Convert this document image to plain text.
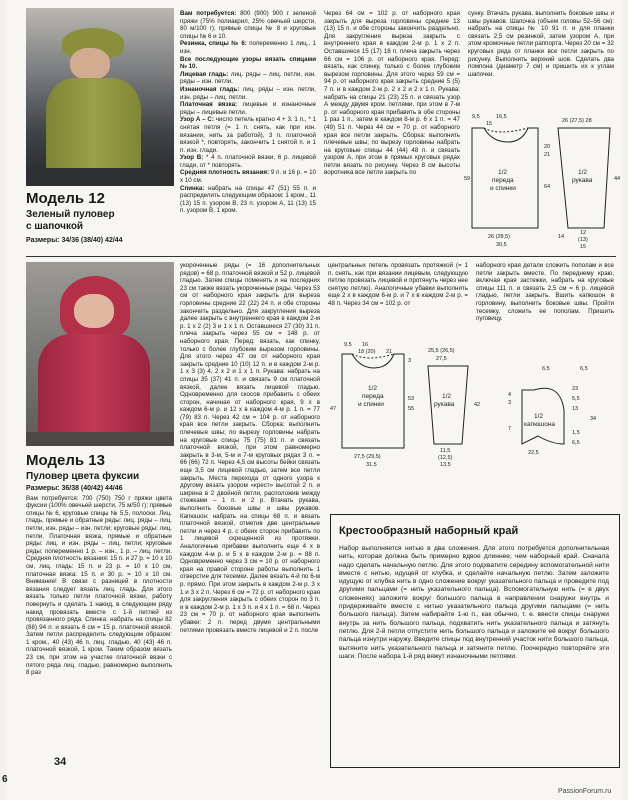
Модель 12
Зеленый пуловер
с шапочкой
Размеры: 34/36 (38/40) 42/44

Вам потребуется: 800 (900) 900 г зеленой пряжи (75% полиакрил, 25% овечьей шерсти, 80 м/100 г); прямые спицы № 8 и круговые спицы № 6 и 10.

Резинка, спицы № 6: попеременно 1 лиц., 1 изн.

Все последующие узоры вязать спицами № 10.

Лицевая гладь: лиц. ряды – лиц. петли, изн. ряды – изн. петли.

Изнаночная гладь: лиц. ряды – изн. петли, изн. ряды – лиц. петли.

Платочная вязка: лицевые и изнаночные ряды – лицевые петли.

Узор А – С: число петель кратно 4 + 3. 1 п., * 1 снятая петля (= 1 п. снять, как при изн. вязании, нить за работой), 3 п. платочной вязкой *, повторять, закончить 1 снятой п. и 1 п. изн. глади.

Узор В: * 4 п. платочной вязки, 6 р. лицевой глади, от * повторять.

Средняя плотность вязания: 9 п. и 16 р. = 10 х 10 см.

Спинка: набрать на спицы 47 (51) 55 п. и распределить следующим образом: 1 кром., 11 (13) 15 п. узором В, 23 п. узором А, 11 (13) 15 п. узором В, 1 кром.

Через 64 см = 102 р. от наборного края закрыть для выреза горловины средние 13 (13) 15 п. и обе стороны закончить раздельно. Для закругления выреза закрыть с внутреннего края в каждом 2-м р. 1 х 2 п. Оставшиеся 15 (17) 18 п. плеча закрыть через 66 см = 106 р. от наборного края. Перед: вязать, как спинку, только с более глубоким вырезом горловины. Для этого через 59 см = 94 р. от наборного края закрыть средние 5 (5) 7 п. и в каждом 2-м р. 2 х 2 и 2 х 1 п. Рукава: набрать на спицы 21 (23) 25 п. и связать узор А между двумя кром. петлями, при этом в 7-м р. от наборного края прибавить в обе стороны 1 раз 1 п., затем в каждом 8-м р. 6 х 1 п. = 47 (49) 51 п. Через 44 см = 70 р. от наборного края все петли закрыть. Сборка: выполнить плечевые швы; по вырезу горловины набрать на круговые спицы 44 (44) 48 п. и связать узором А, при этом в прямых круговых рядах петли вязать по рисунку. Через 8 см высоты воротника все петли закрыть по
сунку. Втачать рукава, выполнить боковые швы и швы рукавов. Шапочка (объем головы 52–56 см): набрать на спицы № 10 91 п. и для планки связать 2,5 см резинкой, затем узором А, при этом кромочные петли раппорта. Через 20 см = 32 круговых ряда от планки все петли закрыть по рисунку. Выполнить верхний шов. Сделать два помпона (диаметр 7 см) и пришить их к углам шапочки.
9,5	16,5
15
20
21
59
64
1/2
переда
и спинки
26 (28,5)
30,5
26 (27,5) 28
1/2
рукава	44
14
12
(13)
15
Модель 13
Пуловер цвета фуксии

Размеры: 36/38 (40/42) 44/46

Вам потребуется: 700 (750) 750 г пряжи цвета фуксии (100% овечьей шерсти, 75 м/50 г); прямые спицы № 6, круговые спицы № 5,5, полоски. Лиц. гладь, прямые и обратные ряды: лиц. ряды – лиц. петли, изн. ряды – изн. петли; круговые ряды: лиц. петли. Платочная вязка, прямые и обратные ряды: лиц. и изн. ряды – лиц. петли; круговые ряды: попеременно 1 р. – изн., 1 р. – лиц. петли. Средняя плотность вязания: 15 п. и 27 р. = 10 х 10 см, лиц. гладь: 15 п. и 23 р. = 10 х 10 см, платочная вязка: 15 п. и 30 р. = 10 х 10 см. Внимание! В связи с разницей в плотности вязания следует вязать лиц. гладь. Для этого вязать только петли платочной вязки, работу повернуть и сделать 1 накид, в следующем ряду накид провязать вместе с 1-й петлей из провязанного ряда. Спинка: набрать на спицы 82 (88) 94 п. и вязать 6 см = 15 р. платочной вязкой. Затем петли распределить следующим образом: 1 кром., 40 (43) 46 п. лиц. гладью, 40 (43) 46 п. платочной вязкой, 1 кром. Таким образом вязать 23 см, при этом на участке платочной вязки с пятого ряда лиц. гладью, равномерно выполнить 8 раз

укороченные ряды (= 16 дополнительных рядов) = 68 р. платочной вязкой и 52 р. лицевой гладью. Затем спицы поменять и на последних 23 см также вязать укороченные ряды. Через 53 см от наборного края закрыть для выреза горловины средние 22 (22) 24 п. и обе стороны закончить раздельно. Для закругления выреза далее закрыть с внутреннего края в каждом 2-м р. 1 х 2 (2) 3 и 1 х 1 п. Оставшиеся 27 (30) 31 п. плеча закрыть через 55 см = 148 р. от наборного края. Перед: вязать, как спинку, только с более глубоким вырезом горловины. Для этого через 47 см от наборного края закрыть средние 10 (10) 12 п. и в каждом 2-м р. 1 х 3 (3) 4, 2 х 2 и 1 х 1 п. Рукава: набрать на спицы 35 (37) 41 п. и связать 9 см платочной вязкой, далее вязать лицевой гладью. Одновременно для скосов прибавить с обеих сторон, начиная от наборного края, 9 х в каждом 6-м р. и 12 х в каждом 4-м р. 1 п. = 77 (79) 83 п. Через 42 см = 104 р. от наборного края все петли закрыть. Сборка: выполнить плечевые швы; по вырезу горловины набрать на круговые спицы 75 (75) 81 п. и связать платочной вязкой, при этом равномерно закрыть в 3-м, 5-м и 7-м круговых рядах 3 п. = 66 (66) 72 п. Через 4,5 см высоты бейки связать еще 3,5 см лицевой гладью, затем все петли закрыть. Места перехода от одного узора к другому вязать узором «крест» высотой 2 п. и ширина в 2 двойной петли, расположив между стежками – 1 п. и 2 р. Втачать рукава, выполнить боковые швы и швы рукавов. Капюшон: набрать на спицы 68 п. и вязать платочной вязкой, отметив две центральные петли и через 4 р. с обеих сторон прибавить по 1 лицевой скрещенной из протяжки. Аналогичные прибавки выполнить еще 4 х в каждом 4-м р. и 5 х в каждом 2-м р. = 88 п. Одновременно через 3 см = 10 р. от наборного края на правой стороне работы выполнить 1 отверстие для тесемки. Далее вязать 4-й по 6-м р. прямо. При этом закрыть в каждом 2-м р. 3 х 1 и 3 х 2 п. Через 6 см = 72 р. от наборного края для закругления закрыть с обеих сторон по 3 п. и в каждом 2-м р. 1 х 3 п. и 4 х 1 п. = 68 п. Через 23 см = 70 р. от наборного края выполнить убавки: 2 п. перед двумя центральными петлями провязать вместе лицевой и 2 п. после
центральных петель провязать протяжкой (= 1 п. снять, как при вязании лицевым, следующую петлю провязать лицевой и протянуть через нее снятую петлю). Аналогичные убавки выполнить еще 2 х в каждом 6-м р. и 7 х в каждом 2-м р. = 48 п. Через 34 см = 102 р. от
наборного края детали сложить пополам и все петли закрыть вместе. По переднему краю, включая края застежки, набрать на круговые спицы 111 п. и связать 2,5 см = 6 р. лицевой гладью, петли закрыть. Вшить капюшон в горловину, выполнить боковые швы. Пройти тесемку, сложить ее пополам. Пришить пуговицу.
9,5 16
18 (20) 21
3
1/2
переда
и спинки
47
53
55
27,5 (29,5)
31,5
25,5 (26,5)
27,5
1/2
рукава	42
11,5
(12,5)
13,5
1/2
капюшона
6,5	6,5
23
4
3
5,5
13
34
7
1,5
22,5
6,5
Крестообразный наборный край
Набор выполняется нитью в два сложения. Для этого потребуется дополнительная нить, которая должна быть примерно вдвое длиннее, чем наборный край. Сначала надо сделать начальную петлю. Для этого подхватите середину вспомогательной нити вместе с нитью, идущей от клубка, и сделайте начальную петлю. Затем заложите идущую от клубка нить в одно сложение вокруг указательного пальца и проведите под другими пальцами (= нить указательного пальца). Вспомогательную нить (= в двух сложениях) заложите вокруг большого пальца в направлении снаружи внутрь и придерживайте вместе с нитью указательного пальца другими пальцами (= нить большого пальца). Затем набирайте 1-ю п., как обычно, т. е. ввести спицы снаружи внутрь за нить большого пальца, подхватить нить указательного пальца и затянуть петлю. Для 2-й петли отпустите нить большого пальца и заложите её вокруг большого пальца изнутри наружу. Введите спицы под внутренний участок нити большого пальца, вытяните нить указательного пальца и затяните петлю. Поочередно повторяйте эти шаги. После набора 1-й ряд вяжут изнаночными петлями.
34
6
PassionForum.ru
